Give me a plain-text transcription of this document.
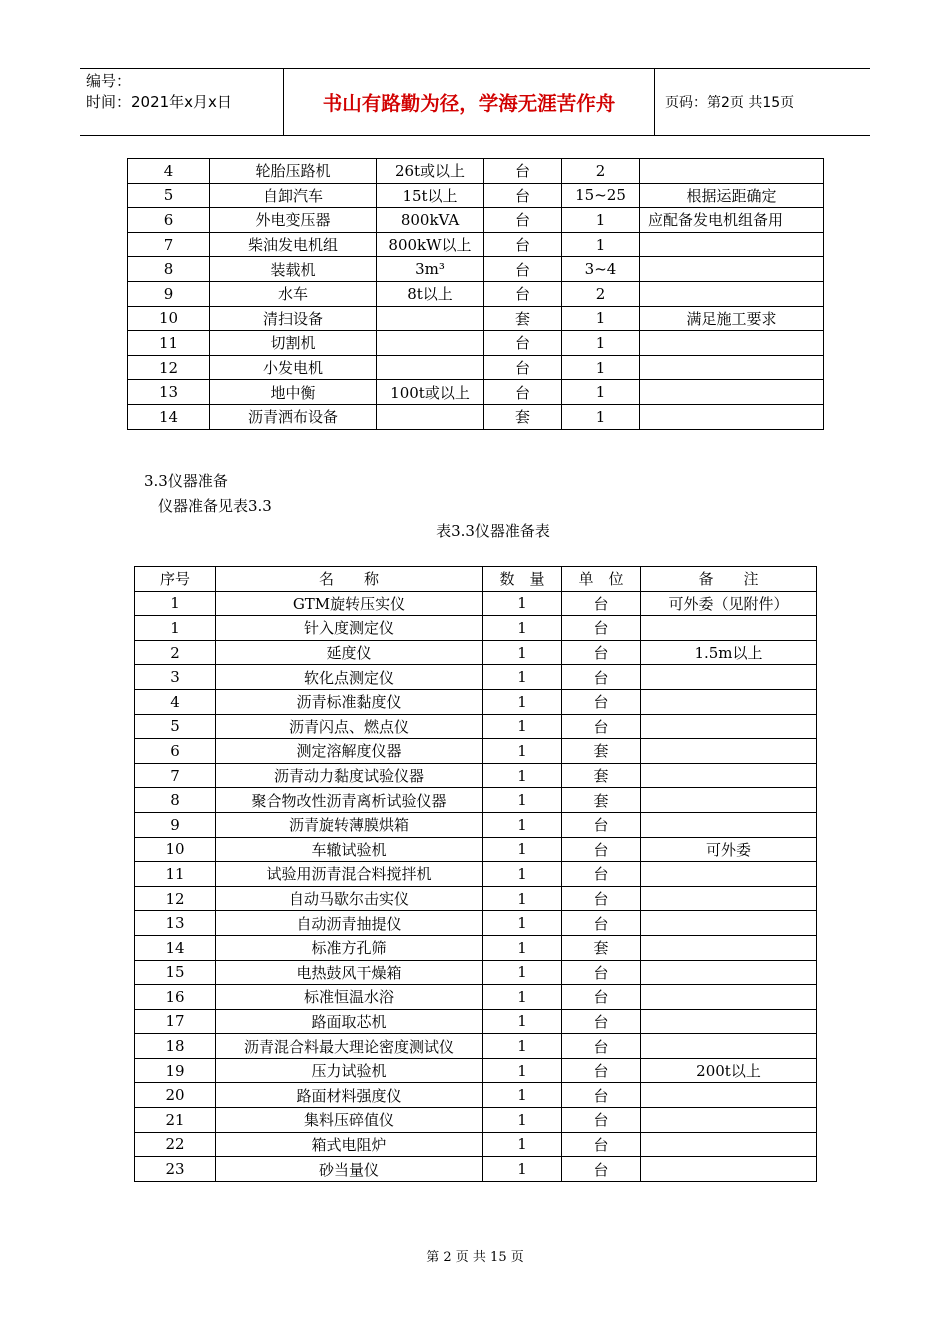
编号：
时间：2021年x月x日	书山有路勤为径，学海无涯苦作舟	页码：第2页 共15页
4	轮胎压路机	26t或以上	台	2	
5	自卸汽车	15t以上	台	15~25	根据运距确定
6	外电变压器	800kVA	台	1	应配备发电机组备用
7	柴油发电机组	800kW以上	台	1	
8	装载机	3m³	台	3~4	
9	水车	8t以上	台	2	
10	清扫设备		套	1	满足施工要求
11	切割机		台	1	
12	小发电机		台	1	
13	地中衡	100t或以上	台	1	
14	沥青洒布设备		套	1	
3.3仪器准备
仪器准备见表3.3
表3.3仪器准备表
序号	名　　称	数　量	单　位	备　　注
1	GTM旋转压实仪	1	台	可外委（见附件）
1	针入度测定仪	1	台	
2	延度仪	1	台	1.5m以上
3	软化点测定仪	1	台	
4	沥青标准黏度仪	1	台	
5	沥青闪点、燃点仪	1	台	
6	测定溶解度仪器	1	套	
7	沥青动力黏度试验仪器	1	套	
8	聚合物改性沥青离析试验仪器	1	套	
9	沥青旋转薄膜烘箱	1	台	
10	车辙试验机	1	台	可外委
11	试验用沥青混合料搅拌机	1	台	
12	自动马歇尔击实仪	1	台	
13	自动沥青抽提仪	1	台	
14	标准方孔筛	1	套	
15	电热鼓风干燥箱	1	台	
16	标准恒温水浴	1	台	
17	路面取芯机	1	台	
18	沥青混合料最大理论密度测试仪	1	台	
19	压力试验机	1	台	200t以上
20	路面材料强度仪	1	台	
21	集料压碎值仪	1	台	
22	箱式电阻炉	1	台	
23	砂当量仪	1	台	
第 2 页 共 15 页
